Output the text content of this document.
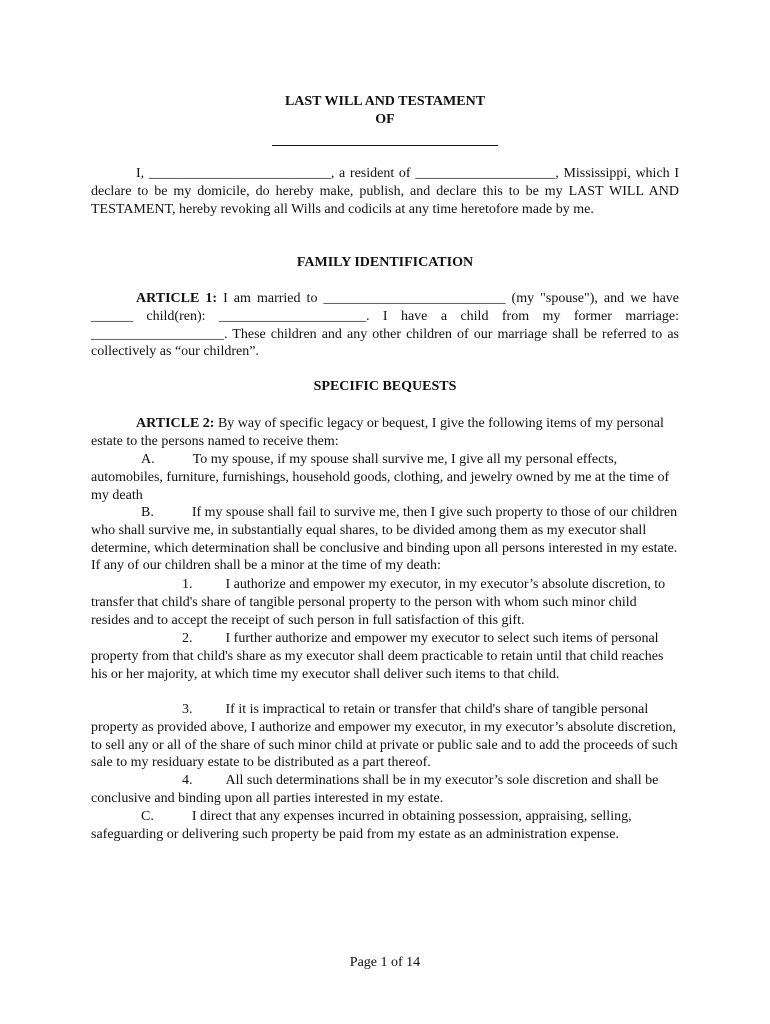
LAST WILL AND TESTAMENT
OF
I, __________________________, a resident of ____________________, Mississippi, which I declare to be my domicile, do hereby make, publish, and declare this to be my LAST WILL AND TESTAMENT, hereby revoking all Wills and codicils at any time heretofore made by me.
FAMILY IDENTIFICATION
ARTICLE 1: I am married to __________________________ (my "spouse"), and we have ______ child(ren): _____________________. I have a child from my former marriage: ___________________. These children and any other children of our marriage shall be referred to as collectively as “our children”.
SPECIFIC BEQUESTS
ARTICLE 2: By way of specific legacy or bequest, I give the following items of my personal estate to the persons named to receive them:
A.	To my spouse, if my spouse shall survive me, I give all my personal effects, automobiles, furniture, furnishings, household goods, clothing, and jewelry owned by me at the time of my death
B.	If my spouse shall fail to survive me, then I give such property to those of our children who shall survive me, in substantially equal shares, to be divided among them as my executor shall determine, which determination shall be conclusive and binding upon all persons interested in my estate. If any of our children shall be a minor at the time of my death:
1. I authorize and empower my executor, in my executor’s absolute discretion, to transfer that child's share of tangible personal property to the person with whom such minor child resides and to accept the receipt of such person in full satisfaction of this gift.
2. I further authorize and empower my executor to select such items of personal property from that child's share as my executor shall deem practicable to retain until that child reaches his or her majority, at which time my executor shall deliver such items to that child.
3. If it is impractical to retain or transfer that child's share of tangible personal property as provided above, I authorize and empower my executor, in my executor’s absolute discretion, to sell any or all of the share of such minor child at private or public sale and to add the proceeds of such sale to my residuary estate to be distributed as a part thereof.
4. All such determinations shall be in my executor’s sole discretion and shall be conclusive and binding upon all parties interested in my estate.
C.	I direct that any expenses incurred in obtaining possession, appraising, selling, safeguarding or delivering such property be paid from my estate as an administration expense.
Page 1 of 14
